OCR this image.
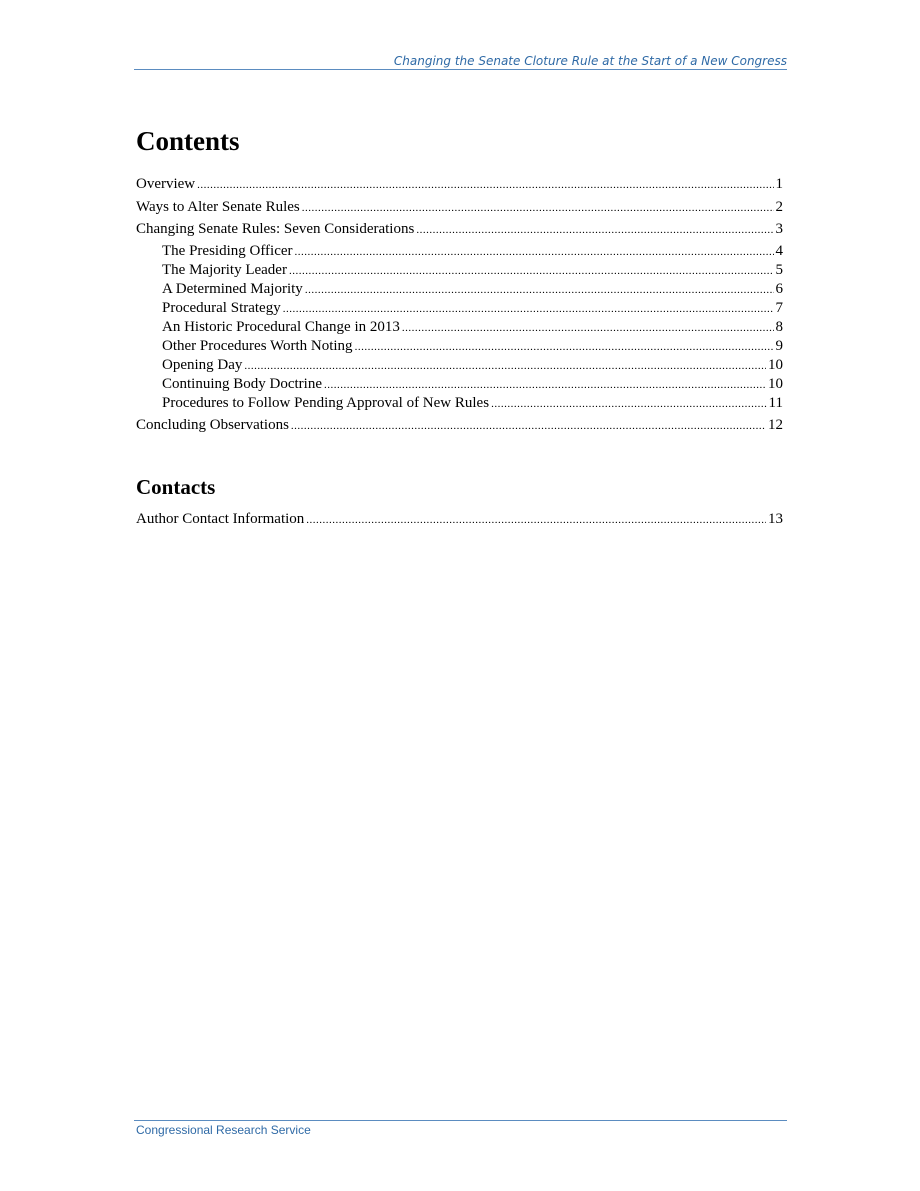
Changing the Senate Cloture Rule at the Start of a New Congress
Contents
Overview .....	1
Ways to Alter Senate Rules .....	2
Changing Senate Rules: Seven Considerations .....	3
The Presiding Officer .....	4
The Majority Leader .....	5
A Determined Majority .....	6
Procedural Strategy .....	7
An Historic Procedural Change in 2013 .....	8
Other Procedures Worth Noting .....	9
Opening Day .....	10
Continuing Body Doctrine .....	10
Procedures to Follow Pending Approval of New Rules .....	11
Concluding Observations .....	12
Contacts
Author Contact Information .....	13
Congressional Research Service
